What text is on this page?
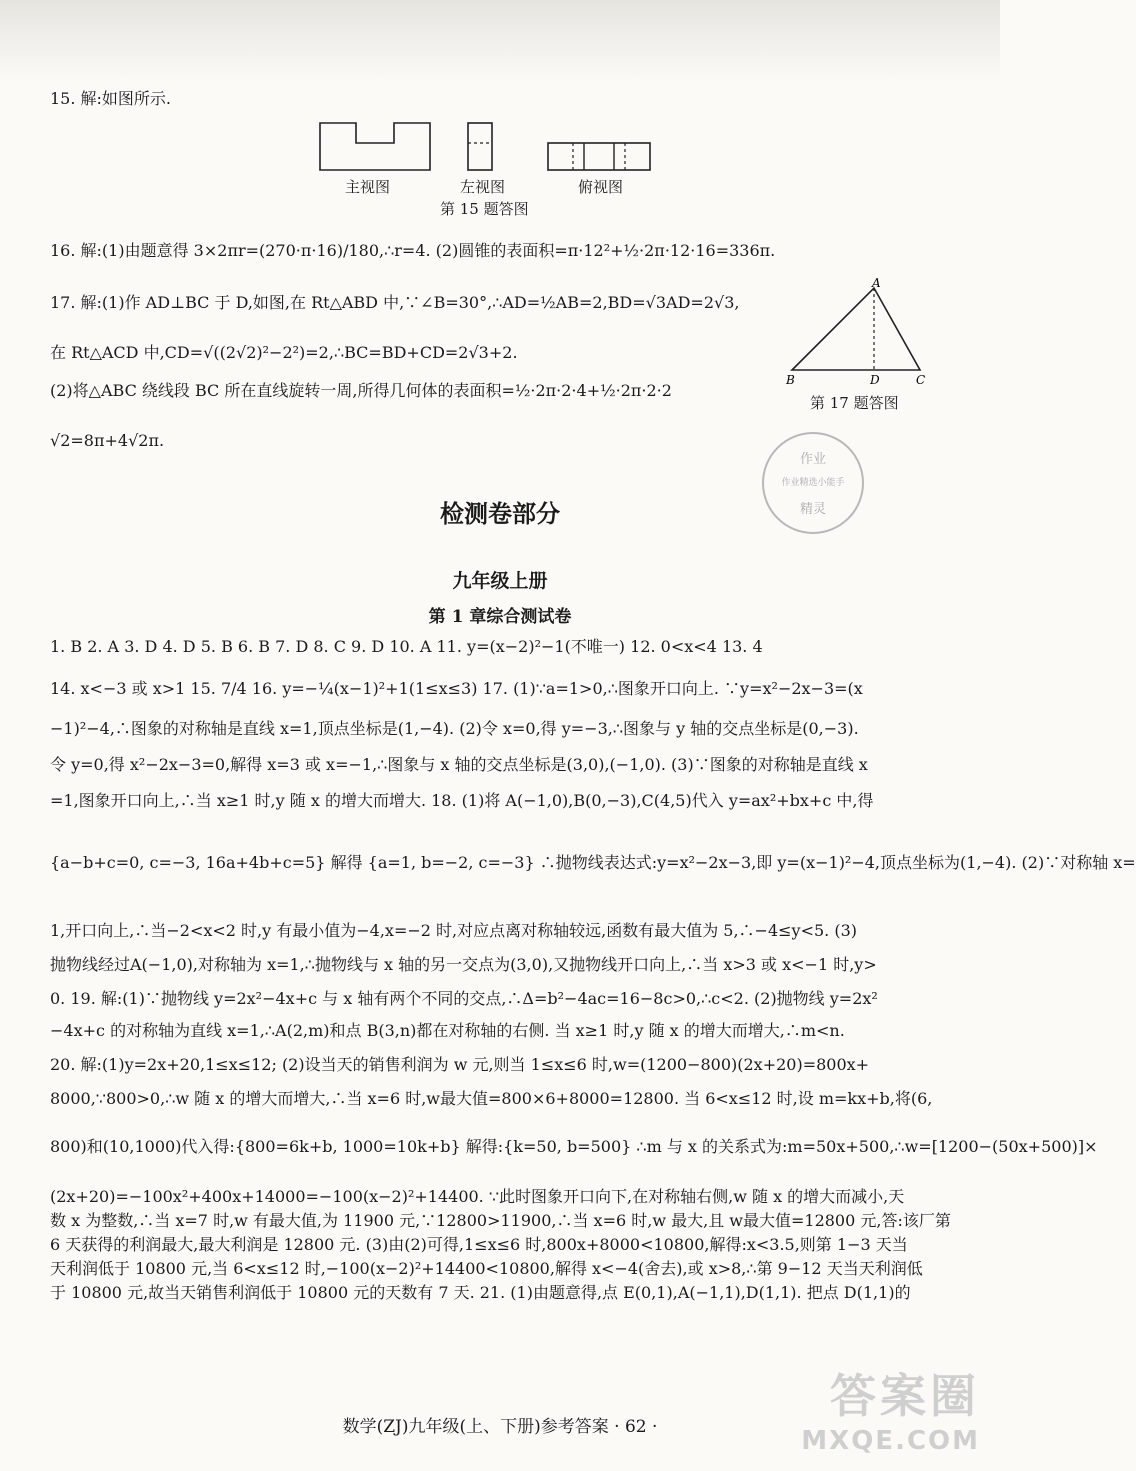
15. 解:如图所示.
主视图	左视图	俯视图
第 15 题答图
16. 解:(1)由题意得 3×2πr=(270·π·16)/180,∴r=4. (2)圆锥的表面积=π·12²+½·2π·12·16=336π.
17. 解:(1)作 AD⊥BC 于 D,如图,在 Rt△ABD 中,∵∠B=30°,∴AD=½AB=2,BD=√3AD=2√3,
在 Rt△ACD 中,CD=√((2√2)²−2²)=2,∴BC=BD+CD=2√3+2.
(2)将△ABC 绕线段 BC 所在直线旋转一周,所得几何体的表面积=½·2π·2·4+½·2π·2·2
√2=8π+4√2π.
A
B	D	C
第 17 题答图
作业
作业精选小能手
精灵
检测卷部分
九年级上册
第 1 章综合测试卷
1. B 2. A 3. D 4. D 5. B 6. B 7. D 8. C 9. D 10. A 11. y=(x−2)²−1(不唯一) 12. 0<x<4 13. 4
14. x<−3 或 x>1 15. 7/4 16. y=−¼(x−1)²+1(1≤x≤3) 17. (1)∵a=1>0,∴图象开口向上. ∵y=x²−2x−3=(x
−1)²−4,∴图象的对称轴是直线 x=1,顶点坐标是(1,−4). (2)令 x=0,得 y=−3,∴图象与 y 轴的交点坐标是(0,−3).
令 y=0,得 x²−2x−3=0,解得 x=3 或 x=−1,∴图象与 x 轴的交点坐标是(3,0),(−1,0). (3)∵图象的对称轴是直线 x
=1,图象开口向上,∴当 x≥1 时,y 随 x 的增大而增大. 18. (1)将 A(−1,0),B(0,−3),C(4,5)代入 y=ax²+bx+c 中,得
{a−b+c=0, c=−3, 16a+4b+c=5} 解得 {a=1, b=−2, c=−3} ∴抛物线表达式:y=x²−2x−3,即 y=(x−1)²−4,顶点坐标为(1,−4). (2)∵对称轴 x=
1,开口向上,∴当−2<x<2 时,y 有最小值为−4,x=−2 时,对应点离对称轴较远,函数有最大值为 5,∴−4≤y<5. (3)
抛物线经过A(−1,0),对称轴为 x=1,∴抛物线与 x 轴的另一交点为(3,0),又抛物线开口向上,∴当 x>3 或 x<−1 时,y>
0. 19. 解:(1)∵抛物线 y=2x²−4x+c 与 x 轴有两个不同的交点,∴Δ=b²−4ac=16−8c>0,∴c<2. (2)抛物线 y=2x²
−4x+c 的对称轴为直线 x=1,∴A(2,m)和点 B(3,n)都在对称轴的右侧. 当 x≥1 时,y 随 x 的增大而增大,∴m<n.
20. 解:(1)y=2x+20,1≤x≤12; (2)设当天的销售利润为 w 元,则当 1≤x≤6 时,w=(1200−800)(2x+20)=800x+
8000,∵800>0,∴w 随 x 的增大而增大,∴当 x=6 时,w最大值=800×6+8000=12800. 当 6<x≤12 时,设 m=kx+b,将(6,
800)和(10,1000)代入得:{800=6k+b, 1000=10k+b} 解得:{k=50, b=500} ∴m 与 x 的关系式为:m=50x+500,∴w=[1200−(50x+500)]×
(2x+20)=−100x²+400x+14000=−100(x−2)²+14400. ∵此时图象开口向下,在对称轴右侧,w 随 x 的增大而减小,天
数 x 为整数,∴当 x=7 时,w 有最大值,为 11900 元,∵12800>11900,∴当 x=6 时,w 最大,且 w最大值=12800 元,答:该厂第
6 天获得的利润最大,最大利润是 12800 元. (3)由(2)可得,1≤x≤6 时,800x+8000<10800,解得:x<3.5,则第 1−3 天当
天利润低于 10800 元,当 6<x≤12 时,−100(x−2)²+14400<10800,解得 x<−4(舍去),或 x>8,∴第 9−12 天当天利润低
于 10800 元,故当天销售利润低于 10800 元的天数有 7 天. 21. (1)由题意得,点 E(0,1),A(−1,1),D(1,1). 把点 D(1,1)的
数学(ZJ)九年级(上、下册)参考答案 · 62 ·
答案圈
MXQE.COM
